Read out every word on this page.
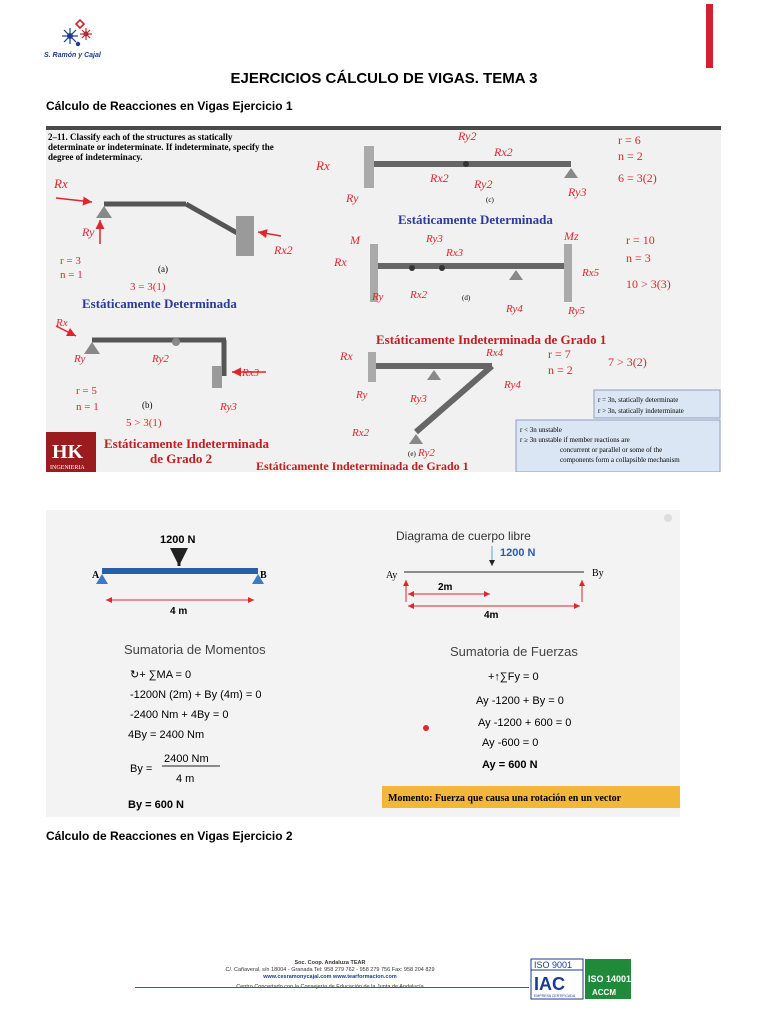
S. Ramón y Cajal
EJERCICIOS CÁLCULO DE VIGAS. TEMA 3
Cálculo de Reacciones en Vigas Ejercicio 1
2–11. Classify each of the structures as statically
determinate or indeterminate. If indeterminate, specify the
degree of indeterminacy.
Rx
Ry
Rx2
(a)
r = 3
n = 1
3 = 3(1)
Estáticamente Determinada
Rx
Ry	Ry2
Rx3
Ry3
(b)
r = 5
n = 1
5 > 3(1)
HK
INGENIERIA
Estáticamente Indeterminada
de Grado 2
Rx
Ry
Ry2
Rx2
Rx2 Ry2
Ry3
(c)
r = 6
n = 2
6 = 3(2)
Estáticamente Determinada
Rx
M
Ry Rx2
Ry3
Rx3
Ry4
Mz
Rx5
Ry5
(d)
r = 10
n = 3
10 > 3(3)
Estáticamente Indeterminada de Grado 1
Rx
Ry
Rx4
Ry4
Ry3
Rx2
Ry2
(e)
r = 7
n = 2
7 > 3(2)
Estáticamente Indeterminada de Grado 1
r = 3n, statically determinate
r > 3n, statically indeterminate
r < 3n unstable
r ≥ 3n unstable if member reactions are
concurrent or parallel or some of the
components form a collapsible mechanism
1200 N
A	B
4 m
Diagrama de cuerpo libre
1200 N
Ay	By
2m
4m
Sumatoria de Momentos
↻+ ∑MA = 0
-1200N (2m) + By (4m) = 0
-2400 Nm + 4By = 0
4By = 2400 Nm
By =
2400 Nm
4 m
By = 600 N
Sumatoria de Fuerzas
+↑∑Fy = 0
Ay -1200 + By = 0
Ay -1200 + 600 = 0
Ay -600 = 0
Ay = 600 N
Momento: Fuerza que causa una rotación en un vector
Cálculo de Reacciones en Vigas Ejercicio 2
Soc. Coop. Andaluza TEAR
C/. Cañaveral, s/n 18004 - Granada Tel: 958 279 762 - 958 279 756 Fax: 958 204 829
www.cesramonycajal.com www.tearformacion.com
ISO 9001
IAC
EMPRESA CERTIFICADA
ISO 14001
ACCM
